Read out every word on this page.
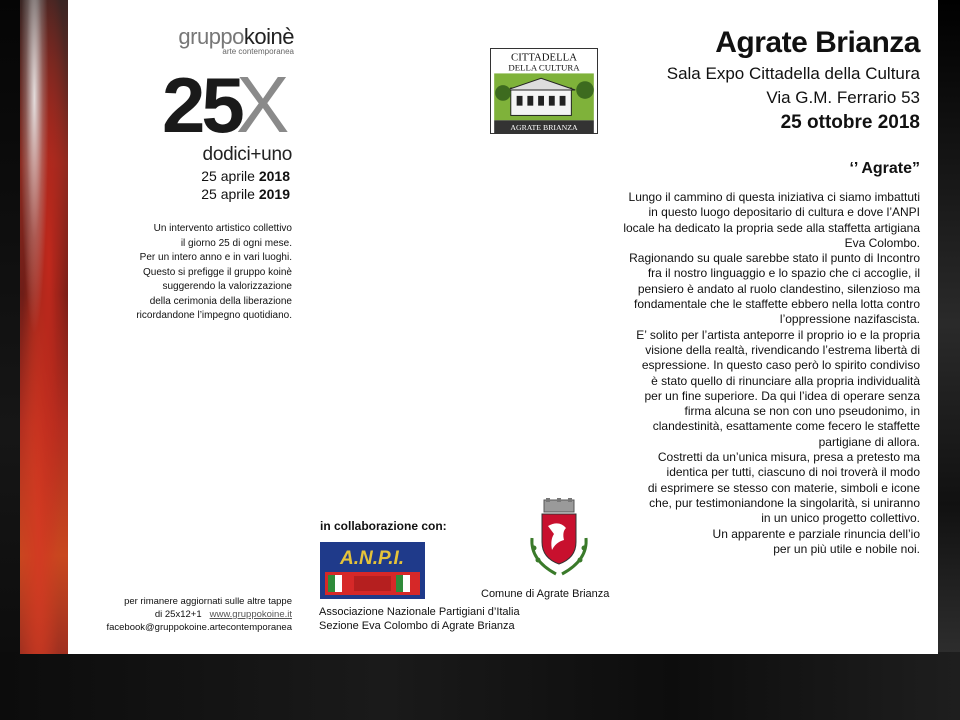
gruppokoinè
arte contemporanea
25
X
dodici+uno
25 aprile 2018
25 aprile 2019
Un intervento artistico collettivo
il giorno 25 di ogni mese.
Per un intero anno e in vari luoghi.
Questo si prefigge il gruppo koinè
suggerendo la valorizzazione
della cerimonia della liberazione
ricordandone l’impegno quotidiano.
per rimanere aggiornati sulle altre tappe
di 25x12+1 www.gruppokoine.it
facebook@gruppokoine.artecontemporanea
CITTADELLA
DELLA CULTURA
AGRATE BRIANZA
Agrate Brianza
Sala Expo Cittadella della Cultura
Via G.M. Ferrario 53
25 ottobre 2018
‘’ Agrate”
Lungo il cammino di questa iniziativa ci siamo imbattuti
in questo luogo depositario di cultura e dove l’ANPI
locale ha dedicato la propria sede alla staffetta artigiana
Eva Colombo.
Ragionando su quale sarebbe stato il punto di Incontro
fra il nostro linguaggio e lo spazio che ci accoglie, il
pensiero è andato al ruolo clandestino, silenzioso ma
fondamentale che le staffette ebbero nella lotta contro
l’oppressione nazifascista.
E’ solito per l’artista anteporre il proprio io e la propria
visione della realtà, rivendicando l’estrema libertà di
espressione. In questo caso però lo spirito condiviso
è stato quello di rinunciare alla propria individualità
per un fine superiore. Da qui l’idea di operare senza
firma alcuna se non con uno pseudonimo, in
clandestinità, esattamente come fecero le staffette
partigiane di allora.
Costretti da un’unica misura, presa a pretesto ma
identica per tutti, ciascuno di noi troverà il modo
di esprimere se stesso con materie, simboli e icone
che, pur testimoniandone la singolarità, si uniranno
in un unico progetto collettivo.
Un apparente e parziale rinuncia dell’io
per un più utile e nobile noi.
in collaborazione con:
A.N.P.I.
Associazione Nazionale Partigiani d’Italia
Sezione Eva Colombo di Agrate Brianza
Comune di Agrate Brianza
